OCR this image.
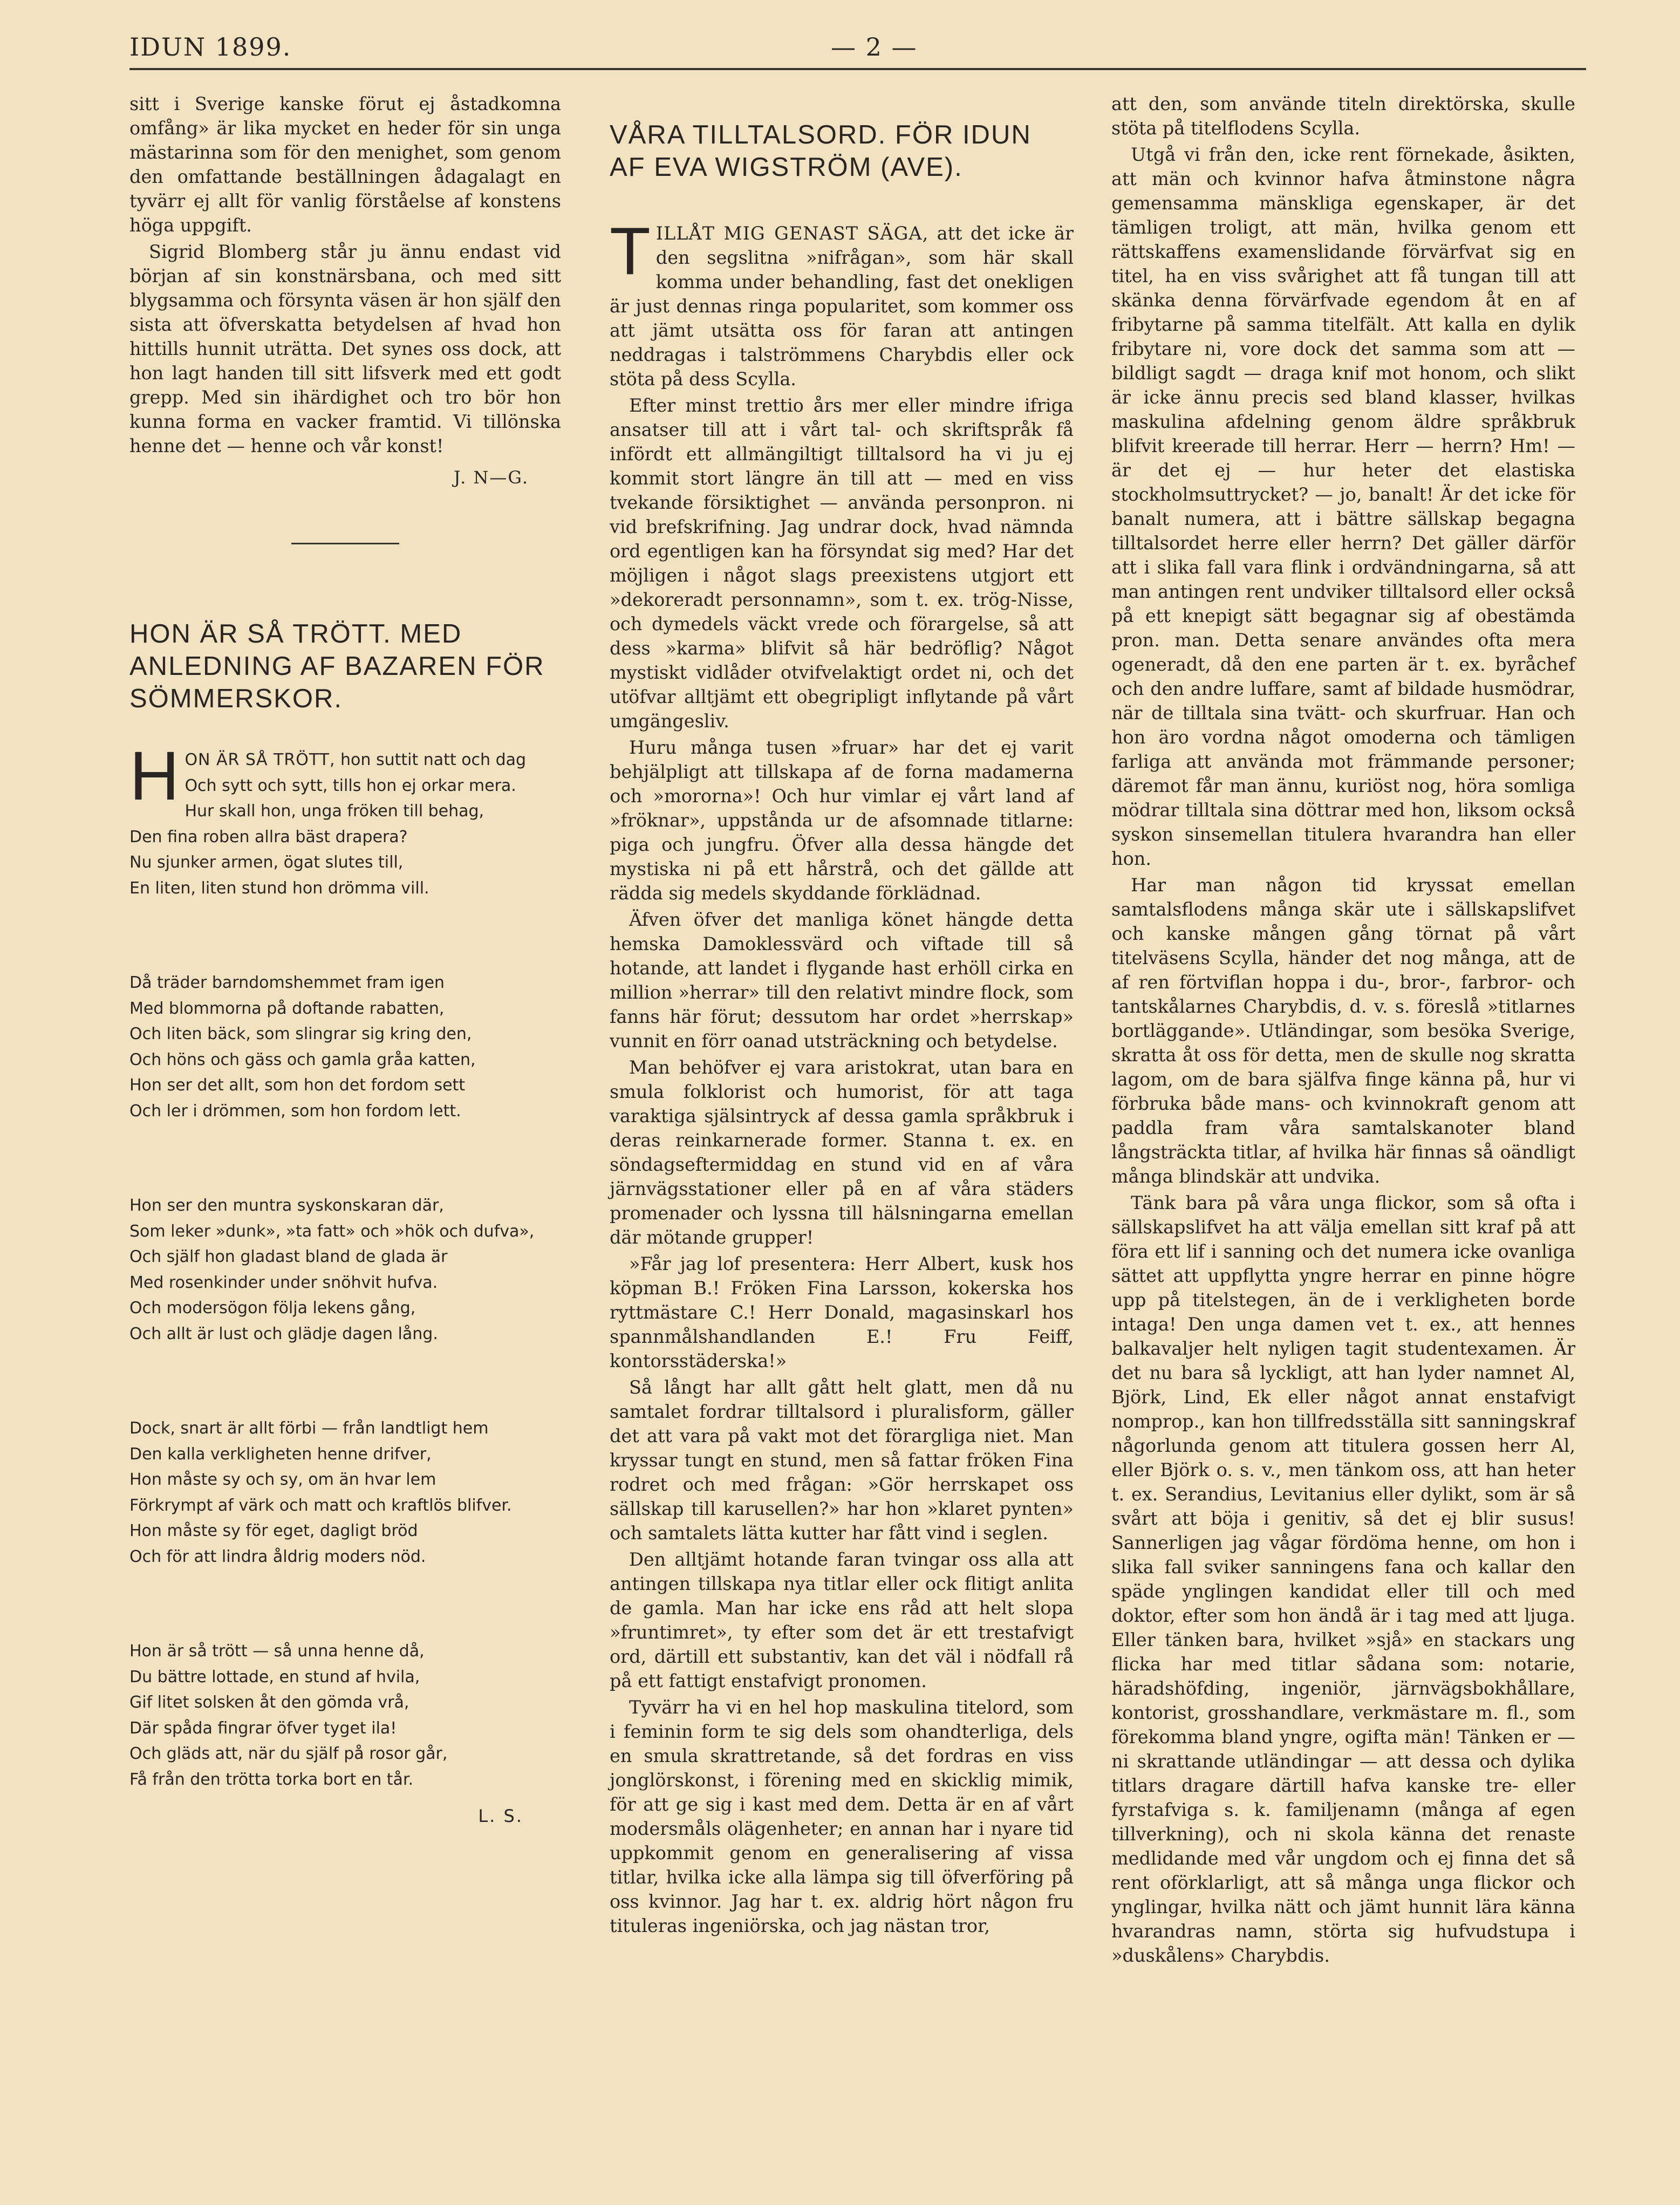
IDUN 1899.	— 2 —

sitt i Sverige kanske förut ej åstadkomna omfång» är lika mycket en heder för sin unga mästarinna som för den menighet, som genom den omfattande beställningen ådagalagt en tyvärr ej allt för vanlig förståelse af konstens höga uppgift.

Sigrid Blomberg står ju ännu endast vid början af sin konstnärsbana, och med sitt blygsamma och försynta väsen är hon själf den sista att öfverskatta betydelsen af hvad hon hittills hunnit uträtta. Det synes oss dock, att hon lagt handen till sitt lifsverk med ett godt grepp. Med sin ihärdighet och tro bör hon kunna forma en vacker framtid. Vi tillönska henne det — henne och vår konst!

J. N—G.

HON ÄR SÅ TRÖTT. MED ANLEDNING AF BAZAREN FÖR SÖMMERSKOR.
H ON ÄR SÅ TRÖTT, hon suttit natt och dag
Och sytt och sytt, tills hon ej orkar mera.
Hur skall hon, unga fröken till behag,
Den fina roben allra bäst drapera?
Nu sjunker armen, ögat slutes till,
En liten, liten stund hon drömma vill.
Då träder barndomshemmet fram igen
Med blommorna på doftande rabatten,
Och liten bäck, som slingrar sig kring den,
Och höns och gäss och gamla gråa katten,
Hon ser det allt, som hon det fordom sett
Och ler i drömmen, som hon fordom lett.
Hon ser den muntra syskonskaran där,
Som leker »dunk», »ta fatt» och »hök och dufva»,
Och själf hon gladast bland de glada är
Med rosenkinder under snöhvit hufva.
Och modersögon följa lekens gång,
Och allt är lust och glädje dagen lång.
Dock, snart är allt förbi — från landtligt hem
Den kalla verkligheten henne drifver,
Hon måste sy och sy, om än hvar lem
Förkrympt af värk och matt och kraftlös blifver.
Hon måste sy för eget, dagligt bröd
Och för att lindra åldrig moders nöd.
Hon är så trött — så unna henne då,
Du bättre lottade, en stund af hvila,
Gif litet solsken åt den gömda vrå,
Där spåda fingrar öfver tyget ila!
Och gläds att, när du själf på rosor går,
Få från den trötta torka bort en tår.

L. S.

VÅRA TILLTALSORD. FÖR IDUN AF EVA WIGSTRÖM (AVE).

TILLÅT MIG GENAST SÄGA, att det icke är den segslitna »nifrågan», som här skall komma under behandling, fast det onekligen är just dennas ringa popularitet, som kommer oss att jämt utsätta oss för faran att antingen neddragas i talströmmens Charybdis eller ock stöta på dess Scylla.

Efter minst trettio års mer eller mindre ifriga ansatser till att i vårt tal- och skriftspråk få infördt ett allmängiltigt tilltalsord ha vi ju ej kommit stort längre än till att — med en viss tvekande försiktighet — använda personpron. ni vid brefskrifning. Jag undrar dock, hvad nämnda ord egentligen kan ha försyndat sig med? Har det möjligen i något slags preexistens utgjort ett »dekoreradt personnamn», som t. ex. trög-Nisse, och dymedels väckt vrede och förargelse, så att dess »karma» blifvit så här bedröflig? Något mystiskt vidlåder otvifvelaktigt ordet ni, och det utöfvar alltjämt ett obegripligt inflytande på vårt umgängesliv.

Huru många tusen »fruar» har det ej varit behjälpligt att tillskapa af de forna madamerna och »mororna»! Och hur vimlar ej vårt land af »fröknar», uppstånda ur de afsomnade titlarne: piga och jungfru. Öfver alla dessa hängde det mystiska ni på ett hårstrå, och det gällde att rädda sig medels skyddande förklädnad.

Äfven öfver det manliga könet hängde detta hemska Damoklessvärd och viftade till så hotande, att landet i flygande hast erhöll cirka en million »herrar» till den relativt mindre flock, som fanns här förut; dessutom har ordet »herrskap» vunnit en förr oanad utsträckning och betydelse.

Man behöfver ej vara aristokrat, utan bara en smula folklorist och humorist, för att taga varaktiga själsintryck af dessa gamla språkbruk i deras reinkarnerade former. Stanna t. ex. en söndagseftermiddag en stund vid en af våra järnvägsstationer eller på en af våra städers promenader och lyssna till hälsningarna emellan där mötande grupper!

»Får jag lof presentera: Herr Albert, kusk hos köpman B.! Fröken Fina Larsson, kokerska hos ryttmästare C.! Herr Donald, magasinskarl hos spannmålshandlanden E.! Fru Feiff, kontorsstäderska!»

Så långt har allt gått helt glatt, men då nu samtalet fordrar tilltalsord i pluralisform, gäller det att vara på vakt mot det förargliga niet. Man kryssar tungt en stund, men så fattar fröken Fina rodret och med frågan: »Gör herrskapet oss sällskap till karusellen?» har hon »klaret pynten» och samtalets lätta kutter har fått vind i seglen.

Den alltjämt hotande faran tvingar oss alla att antingen tillskapa nya titlar eller ock flitigt anlita de gamla. Man har icke ens råd att helt slopa »fruntimret», ty efter som det är ett trestafvigt ord, därtill ett substantiv, kan det väl i nödfall rå på ett fattigt enstafvigt pronomen.

Tyvärr ha vi en hel hop maskulina titelord, som i feminin form te sig dels som ohandterliga, dels en smula skrattretande, så det fordras en viss jonglörskonst, i förening med en skicklig mimik, för att ge sig i kast med dem. Detta är en af vårt modersmåls olägenheter; en annan har i nyare tid uppkommit genom en generalisering af vissa titlar, hvilka icke alla lämpa sig till öfverföring på oss kvinnor. Jag har t. ex. aldrig hört någon fru tituleras ingeniörska, och jag nästan tror,

att den, som använde titeln direktörska, skulle stöta på titelflodens Scylla.

Utgå vi från den, icke rent förnekade, åsikten, att män och kvinnor hafva åtminstone några gemensamma mänskliga egenskaper, är det tämligen troligt, att män, hvilka genom ett rättskaffens examenslidande förvärfvat sig en titel, ha en viss svårighet att få tungan till att skänka denna förvärfvade egendom åt en af fribytarne på samma titelfält. Att kalla en dylik fribytare ni, vore dock det samma som att — bildligt sagdt — draga knif mot honom, och slikt är icke ännu precis sed bland klasser, hvilkas maskulina afdelning genom äldre språkbruk blifvit kreerade till herrar. Herr — herrn? Hm! — är det ej — hur heter det elastiska stockholmsuttrycket? — jo, banalt! Är det icke för banalt numera, att i bättre sällskap begagna tilltalsordet herre eller herrn? Det gäller därför att i slika fall vara flink i ordvändningarna, så att man antingen rent undviker tilltalsord eller också på ett knepigt sätt begagnar sig af obestämda pron. man. Detta senare användes ofta mera ogeneradt, då den ene parten är t. ex. byråchef och den andre luffare, samt af bildade husmödrar, när de tilltala sina tvätt- och skurfruar. Han och hon äro vordna något omoderna och tämligen farliga att använda mot främmande personer; däremot får man ännu, kuriöst nog, höra somliga mödrar tilltala sina döttrar med hon, liksom också syskon sinsemellan titulera hvarandra han eller hon.

Har man någon tid kryssat emellan samtalsflodens många skär ute i sällskapslifvet och kanske mången gång törnat på vårt titelväsens Scylla, händer det nog många, att de af ren förtviflan hoppa i du-, bror-, farbror- och tantskålarnes Charybdis, d. v. s. föreslå »titlarnes bortläggande». Utländingar, som besöka Sverige, skratta åt oss för detta, men de skulle nog skratta lagom, om de bara själfva finge känna på, hur vi förbruka både mans- och kvinnokraft genom att paddla fram våra samtalskanoter bland långsträckta titlar, af hvilka här finnas så oändligt många blindskär att undvika.

Tänk bara på våra unga flickor, som så ofta i sällskapslifvet ha att välja emellan sitt kraf på att föra ett lif i sanning och det numera icke ovanliga sättet att uppflytta yngre herrar en pinne högre upp på titelstegen, än de i verkligheten borde intaga! Den unga damen vet t. ex., att hennes balkavaljer helt nyligen tagit studentexamen. Är det nu bara så lyckligt, att han lyder namnet Al, Björk, Lind, Ek eller något annat enstafvigt nomprop., kan hon tillfredsställa sitt sanningskraf någorlunda genom att titulera gossen herr Al, eller Björk o. s. v., men tänkom oss, att han heter t. ex. Serandius, Levitanius eller dylikt, som är så svårt att böja i genitiv, så det ej blir susus! Sannerligen jag vågar fördöma henne, om hon i slika fall sviker sanningens fana och kallar den späde ynglingen kandidat eller till och med doktor, efter som hon ändå är i tag med att ljuga. Eller tänken bara, hvilket »sjå» en stackars ung flicka har med titlar sådana som: notarie, häradshöfding, ingeniör, järnvägsbokhållare, kontorist, grosshandlare, verkmästare m. fl., som förekomma bland yngre, ogifta män! Tänken er — ni skrattande utländingar — att dessa och dylika titlars dragare därtill hafva kanske tre- eller fyrstafviga s. k. familjenamn (många af egen tillverkning), och ni skola känna det renaste medlidande med vår ungdom och ej finna det så rent oförklarligt, att så många unga flickor och ynglingar, hvilka nätt och jämt hunnit lära känna hvarandras namn, störta sig hufvudstupa i »duskålens» Charybdis.
